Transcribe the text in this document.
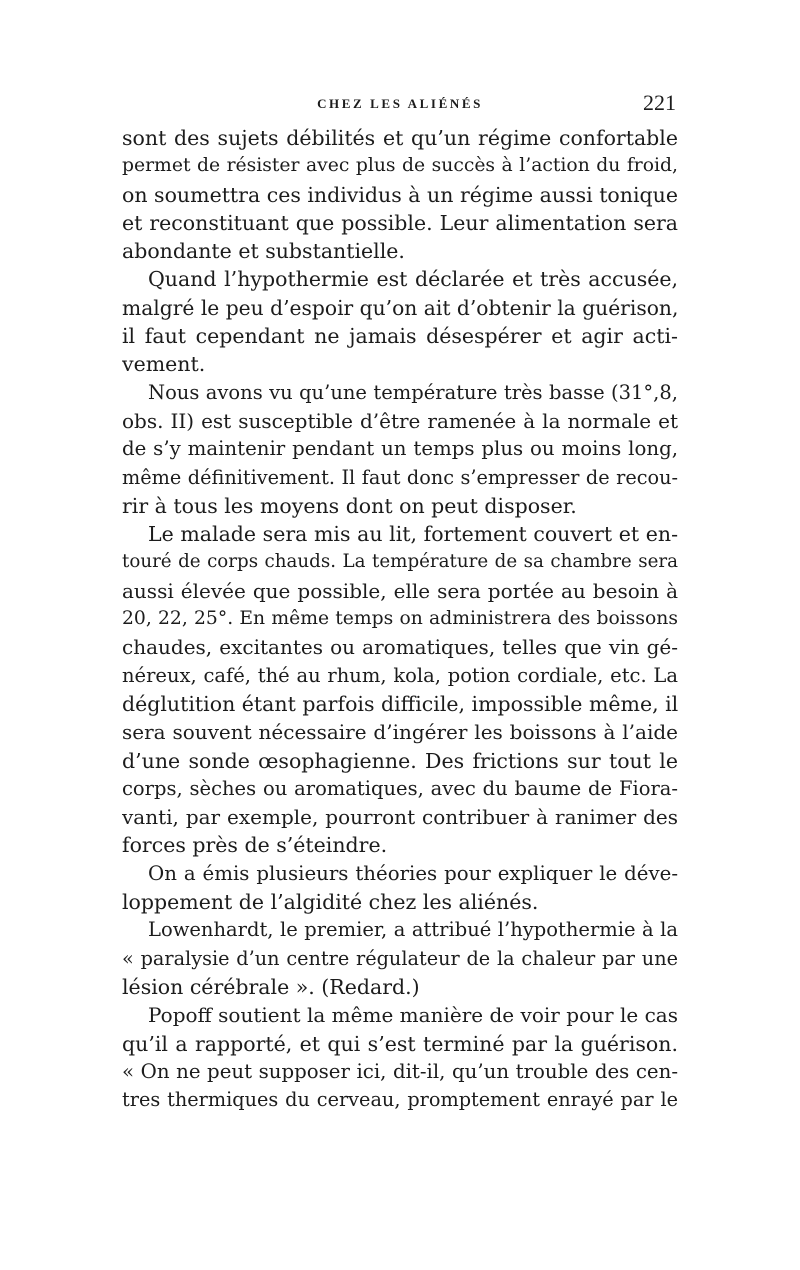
CHEZ LES ALIÉNÉS	221
sont des sujets débilités et qu’un régime confortable
permet de résister avec plus de succès à l’action du froid,
on soumettra ces individus à un régime aussi tonique
et reconstituant que possible. Leur alimentation sera
abondante et substantielle.
Quand l’hypothermie est déclarée et très accusée,
malgré le peu d’espoir qu’on ait d’obtenir la guérison,
il faut cependant ne jamais désespérer et agir acti-
vement.
Nous avons vu qu’une température très basse (31°,8,
obs. II) est susceptible d’être ramenée à la normale et
de s’y maintenir pendant un temps plus ou moins long,
même définitivement. Il faut donc s’empresser de recou-
rir à tous les moyens dont on peut disposer.
Le malade sera mis au lit, fortement couvert et en-
touré de corps chauds. La température de sa chambre sera
aussi élevée que possible, elle sera portée au besoin à
20, 22, 25°. En même temps on administrera des boissons
chaudes, excitantes ou aromatiques, telles que vin gé-
néreux, café, thé au rhum, kola, potion cordiale, etc. La
déglutition étant parfois difficile, impossible même, il
sera souvent nécessaire d’ingérer les boissons à l’aide
d’une sonde œsophagienne. Des frictions sur tout le
corps, sèches ou aromatiques, avec du baume de Fiora-
vanti, par exemple, pourront contribuer à ranimer des
forces près de s’éteindre.
On a émis plusieurs théories pour expliquer le déve-
loppement de l’algidité chez les aliénés.
Lowenhardt, le premier, a attribué l’hypothermie à la
« paralysie d’un centre régulateur de la chaleur par une
lésion cérébrale ». (Redard.)
Popoff soutient la même manière de voir pour le cas
qu’il a rapporté, et qui s’est terminé par la guérison.
« On ne peut supposer ici, dit-il, qu’un trouble des cen-
tres thermiques du cerveau, promptement enrayé par le
